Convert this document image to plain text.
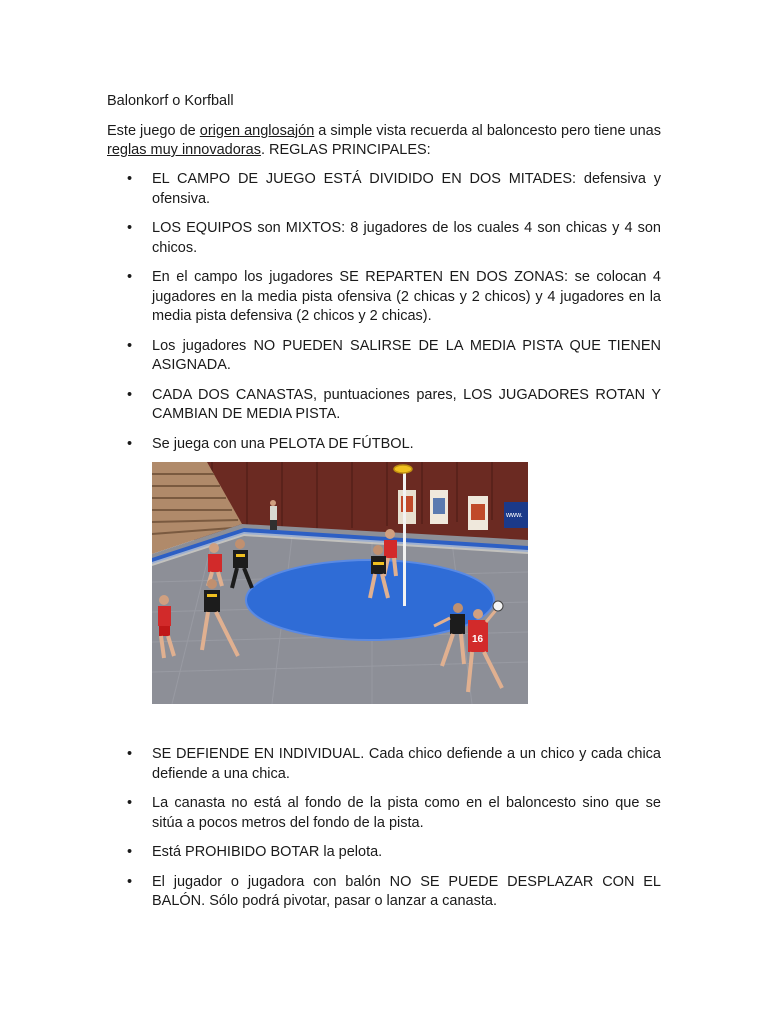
Balonkorf o Korfball
Este juego de origen anglosajón a simple vista recuerda al baloncesto pero tiene unas reglas muy innovadoras. REGLAS PRINCIPALES:
• EL CAMPO DE JUEGO ESTÁ DIVIDIDO EN DOS MITADES: defensiva y ofensiva.
• LOS EQUIPOS son MIXTOS: 8 jugadores de los cuales 4 son chicas y 4 son chicos.
• En el campo los jugadores SE REPARTEN EN DOS ZONAS: se colocan 4 jugadores en la media pista ofensiva (2 chicas y 2 chicos) y 4 jugadores en la media pista defensiva (2 chicos y 2 chicas).
• Los jugadores NO PUEDEN SALIRSE DE LA MEDIA PISTA QUE TIENEN ASIGNADA.
• CADA DOS CANASTAS, puntuaciones pares, LOS JUGADORES ROTAN Y CAMBIAN DE MEDIA PISTA.
• Se juega con una PELOTA DE FÚTBOL.
www.
16
• SE DEFIENDE EN INDIVIDUAL. Cada chico defiende a un chico y cada chica defiende a una chica.
• La canasta no está al fondo de la pista como en el baloncesto sino que se sitúa a pocos metros del fondo de la pista.
• Está PROHIBIDO BOTAR la pelota.
• El jugador o jugadora con balón NO SE PUEDE DESPLAZAR CON EL BALÓN. Sólo podrá pivotar, pasar o lanzar a canasta.
